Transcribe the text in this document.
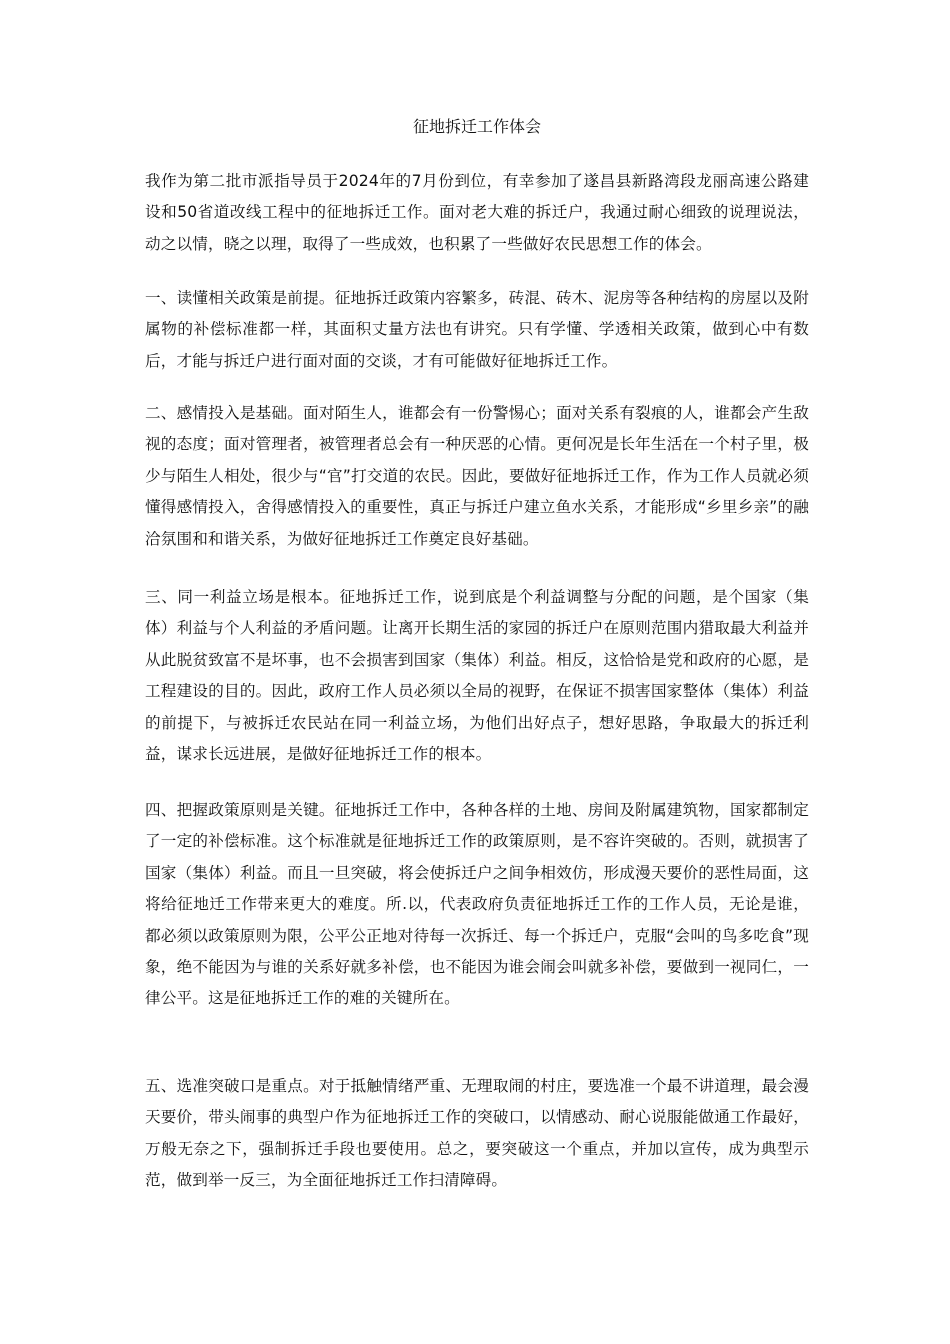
征地拆迁工作体会

我作为第二批市派指导员于2024年的7月份到位，有幸参加了遂昌县新路湾段龙丽高速公路建设和50省道改线工程中的征地拆迁工作。面对老大难的拆迁户，我通过耐心细致的说理说法，动之以情，晓之以理，取得了一些成效，也积累了一些做好农民思想工作的体会。

一、读懂相关政策是前提。征地拆迁政策内容繁多，砖混、砖木、泥房等各种结构的房屋以及附属物的补偿标准都一样，其面积丈量方法也有讲究。只有学懂、学透相关政策，做到心中有数后，才能与拆迁户进行面对面的交谈，才有可能做好征地拆迁工作。

二、感情投入是基础。面对陌生人，谁都会有一份警惕心；面对关系有裂痕的人，谁都会产生敌视的态度；面对管理者，被管理者总会有一种厌恶的心情。更何况是长年生活在一个村子里，极少与陌生人相处，很少与“官”打交道的农民。因此，要做好征地拆迁工作，作为工作人员就必须懂得感情投入，舍得感情投入的重要性，真正与拆迁户建立鱼水关系，才能形成“乡里乡亲”的融洽氛围和和谐关系，为做好征地拆迁工作奠定良好基础。

三、同一利益立场是根本。征地拆迁工作，说到底是个利益调整与分配的问题，是个国家（集体）利益与个人利益的矛盾问题。让离开长期生活的家园的拆迁户在原则范围内猎取最大利益并从此脱贫致富不是坏事，也不会损害到国家（集体）利益。相反，这恰恰是党和政府的心愿，是工程建设的目的。因此，政府工作人员必须以全局的视野，在保证不损害国家整体（集体）利益的前提下，与被拆迁农民站在同一利益立场，为他们出好点子，想好思路，争取最大的拆迁利益，谋求长远进展，是做好征地拆迁工作的根本。

四、把握政策原则是关键。征地拆迁工作中，各种各样的土地、房间及附属建筑物，国家都制定了一定的补偿标准。这个标准就是征地拆迁工作的政策原则，是不容许突破的。否则，就损害了国家（集体）利益。而且一旦突破，将会使拆迁户之间争相效仿，形成漫天要价的恶性局面，这将给征地迁工作带来更大的难度。所.以，代表政府负责征地拆迁工作的工作人员，无论是谁，都必须以政策原则为限，公平公正地对待每一次拆迁、每一个拆迁户，克服“会叫的鸟多吃食”现象，绝不能因为与谁的关系好就多补偿，也不能因为谁会闹会叫就多补偿，要做到一视同仁，一律公平。这是征地拆迁工作的难的关键所在。

五、选准突破口是重点。对于抵触情绪严重、无理取闹的村庄，要选准一个最不讲道理，最会漫天要价，带头闹事的典型户作为征地拆迁工作的突破口，以情感动、耐心说服能做通工作最好，万般无奈之下，强制拆迁手段也要使用。总之，要突破这一个重点，并加以宣传，成为典型示范，做到举一反三，为全面征地拆迁工作扫清障碍。
